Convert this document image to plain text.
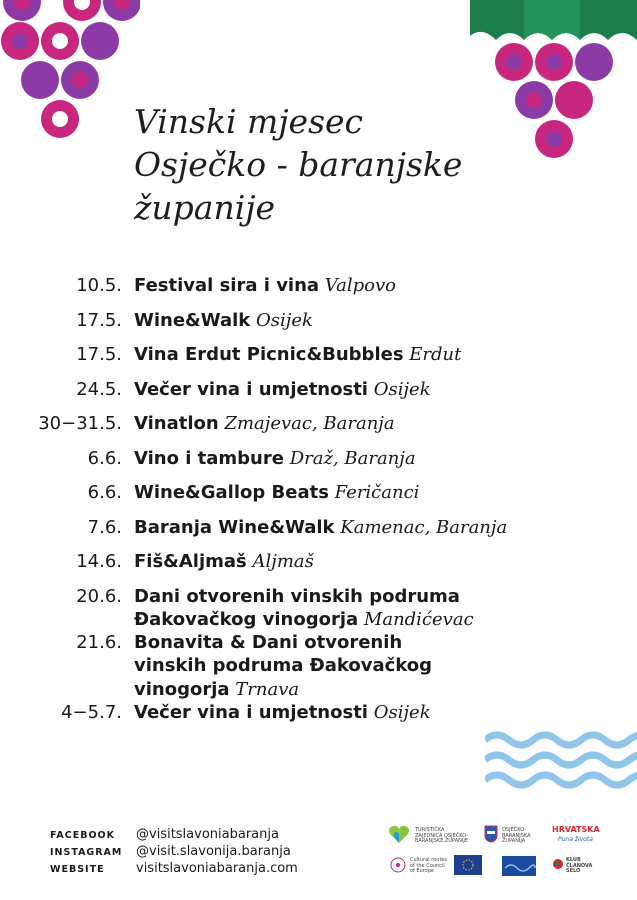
Vinski mjesec
Osječko - baranjske
županije
10.5. Festival sira i vina Valpovo
17.5. Wine&Walk Osijek
17.5. Vina Erdut Picnic&Bubbles Erdut
24.5. Večer vina i umjetnosti Osijek
30−31.5. Vinatlon Zmajevac, Baranja
6.6. Vino i tambure Draž, Baranja
6.6. Wine&Gallop Beats Feričanci
7.6. Baranja Wine&Walk Kamenac, Baranja
14.6. Fiš&Aljmaš Aljmaš
20.6. Dani otvorenih vinskih podruma Đakovačkog vinogorja Mandićevac
21.6. Bonavita & Dani otvorenih vinskih podruma Đakovačkog vinogorja Trnava
4−5.7. Večer vina i umjetnosti Osijek
FACEBOOK @visitslavoniabaranja
INSTAGRAM @visit.slavonija.baranja
WEBSITE visitslavoniabaranja.com
TURISTIČKA ZAJEDNICA OSJEČKO-BARANJSKE ŽUPANIJE
OSJEČKO-BARANJSKA ŽUPANIJA
HRVATSKA
Puna života
Cultural routes of the Council of Europe
KLUB ČLANOVA SELO
